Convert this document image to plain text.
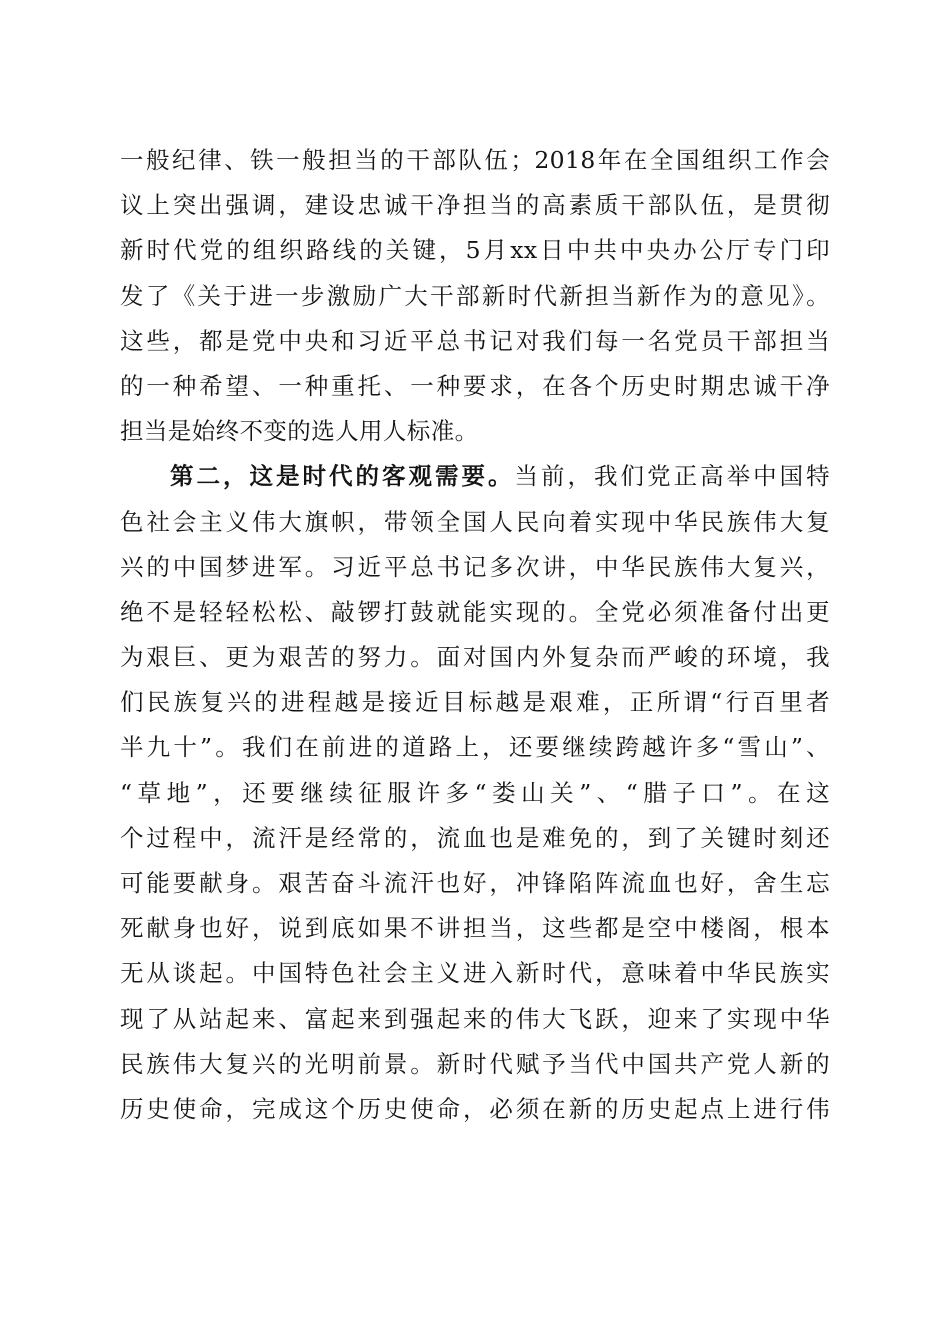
一般纪律、铁一般担当的干部队伍；2018年在全国组织工作会
议上突出强调，建设忠诚干净担当的高素质干部队伍，是贯彻
新时代党的组织路线的关键，5月xx日中共中央办公厅专门印
发了《关于进一步激励广大干部新时代新担当新作为的意见》。
这些，都是党中央和习近平总书记对我们每一名党员干部担当
的一种希望、一种重托、一种要求，在各个历史时期忠诚干净
担当是始终不变的选人用人标准。
第二，这是时代的客观需要。当前，我们党正高举中国特
色社会主义伟大旗帜，带领全国人民向着实现中华民族伟大复
兴的中国梦进军。习近平总书记多次讲，中华民族伟大复兴，
绝不是轻轻松松、敲锣打鼓就能实现的。全党必须准备付出更
为艰巨、更为艰苦的努力。面对国内外复杂而严峻的环境，我
们民族复兴的进程越是接近目标越是艰难，正所谓“行百里者
半九十”。我们在前进的道路上，还要继续跨越许多“雪山”、
“草地”，还要继续征服许多“娄山关”、“腊子口”。在这
个过程中，流汗是经常的，流血也是难免的，到了关键时刻还
可能要献身。艰苦奋斗流汗也好，冲锋陷阵流血也好，舍生忘
死献身也好，说到底如果不讲担当，这些都是空中楼阁，根本
无从谈起。中国特色社会主义进入新时代，意味着中华民族实
现了从站起来、富起来到强起来的伟大飞跃，迎来了实现中华
民族伟大复兴的光明前景。新时代赋予当代中国共产党人新的
历史使命，完成这个历史使命，必须在新的历史起点上进行伟
